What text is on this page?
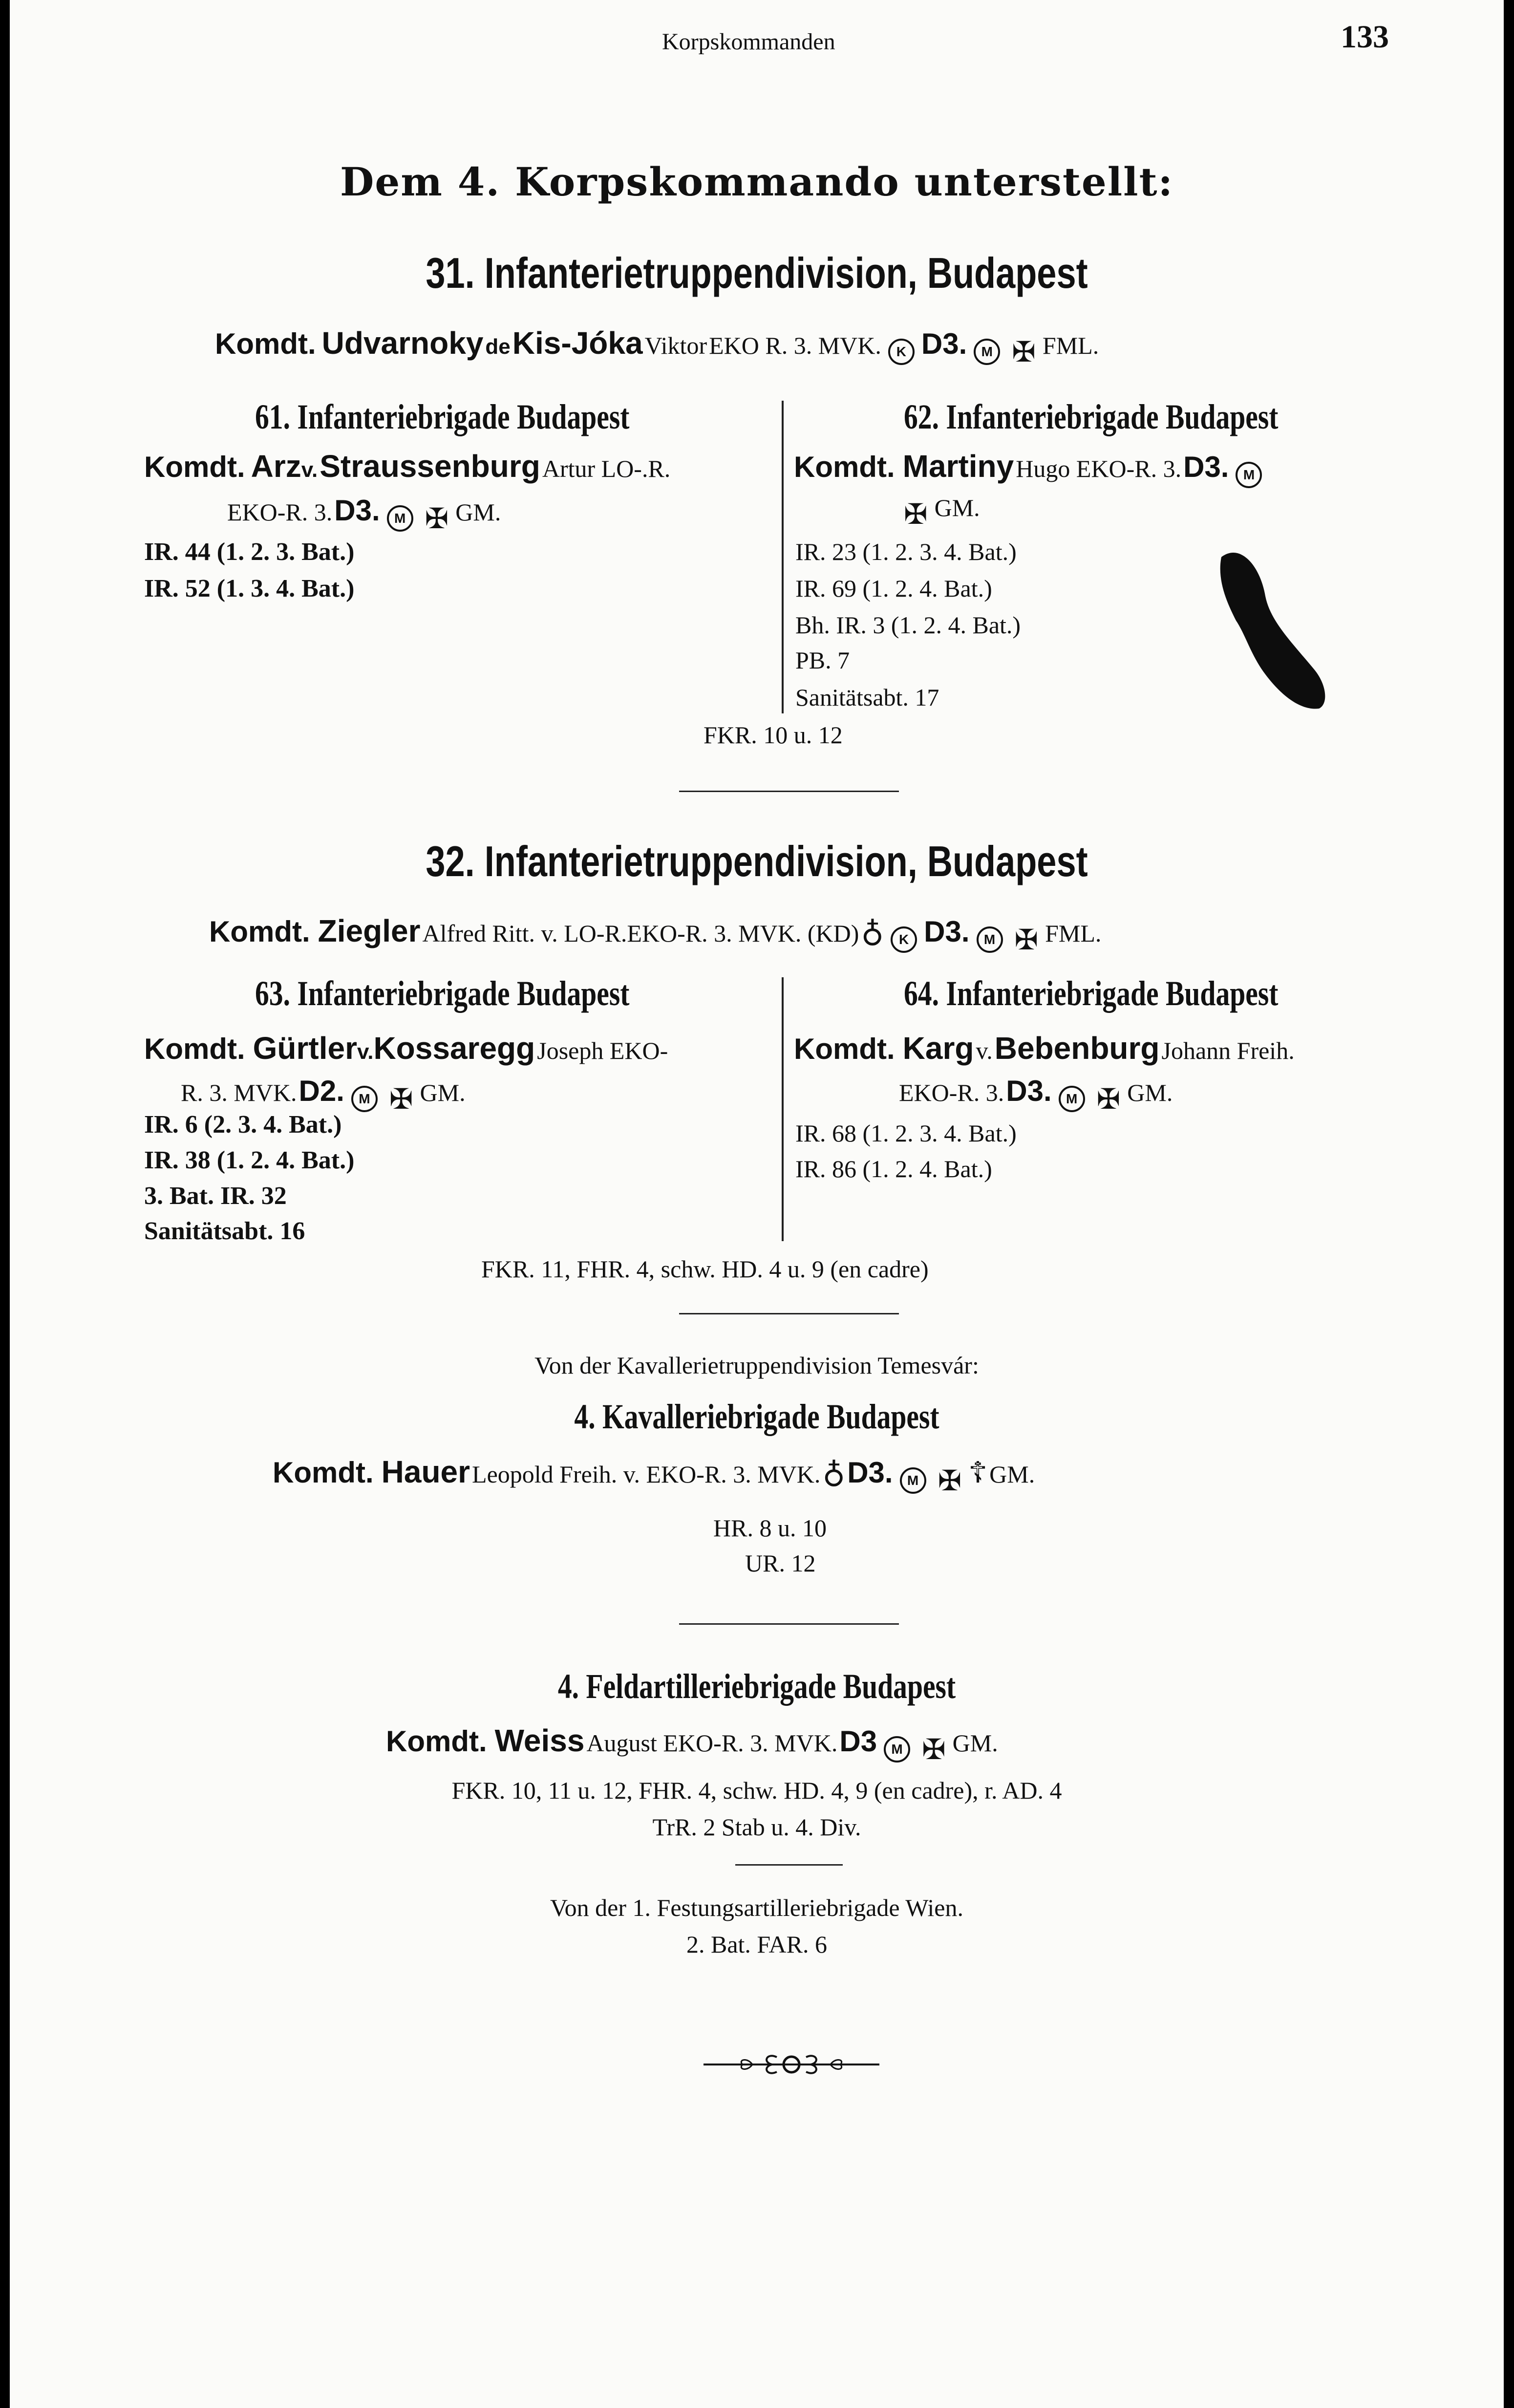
Korpskommanden	133
Dem 4. Korpskommando unterstellt:
31. Infanterietruppendivision, Budapest
Komdt. Udvarnoky de Kis-Jóka Viktor EKO R. 3. MVK. K D3. M ✠ FML.
61. Infanteriebrigade Budapest
Komdt. Arzv. Straussenburg Artur LO-.R.
EKO-R. 3. D3. M ✠ GM.
IR. 44 (1. 2. 3. Bat.)
IR. 52 (1. 3. 4. Bat.)
62. Infanteriebrigade Budapest
Komdt. Martiny Hugo EKO-R. 3. D3. M
✠ GM.
IR. 23 (1. 2. 3. 4. Bat.)
IR. 69 (1. 2. 4. Bat.)
Bh. IR. 3 (1. 2. 4. Bat.)
PB. 7
Sanitätsabt. 17
FKR. 10 u. 12
32. Infanterietruppendivision, Budapest
Komdt. Ziegler Alfred Ritt. v. LO-R.EKO-R. 3. MVK. (KD) ♁ K D3. M ✠ FML.
63. Infanteriebrigade Budapest
Komdt. Gürtlerv.Kossaregg Joseph EKO-
R. 3. MVK. D2. M ✠ GM.
IR. 6 (2. 3. 4. Bat.)
IR. 38 (1. 2. 4. Bat.)
3. Bat. IR. 32
Sanitätsabt. 16
64. Infanteriebrigade Budapest
Komdt. Karg v. Bebenburg Johann Freih.
EKO-R. 3. D3. M ✠ GM.
IR. 68 (1. 2. 3. 4. Bat.)
IR. 86 (1. 2. 4. Bat.)
FKR. 11, FHR. 4, schw. HD. 4 u. 9 (en cadre)
Von der Kavallerietruppendivision Temesvár:
4. Kavalleriebrigade Budapest
Komdt. Hauer Leopold Freih. v. EKO-R. 3. MVK. ♁ D3. M ✠ ☦ GM.
HR. 8 u. 10
UR. 12
4. Feldartilleriebrigade Budapest
Komdt. Weiss August EKO-R. 3. MVK. D3 M ✠ GM.
FKR. 10, 11 u. 12, FHR. 4, schw. HD. 4, 9 (en cadre), r. AD. 4
TrR. 2 Stab u. 4. Div.
Von der 1. Festungsartilleriebrigade Wien.
2. Bat. FAR. 6
